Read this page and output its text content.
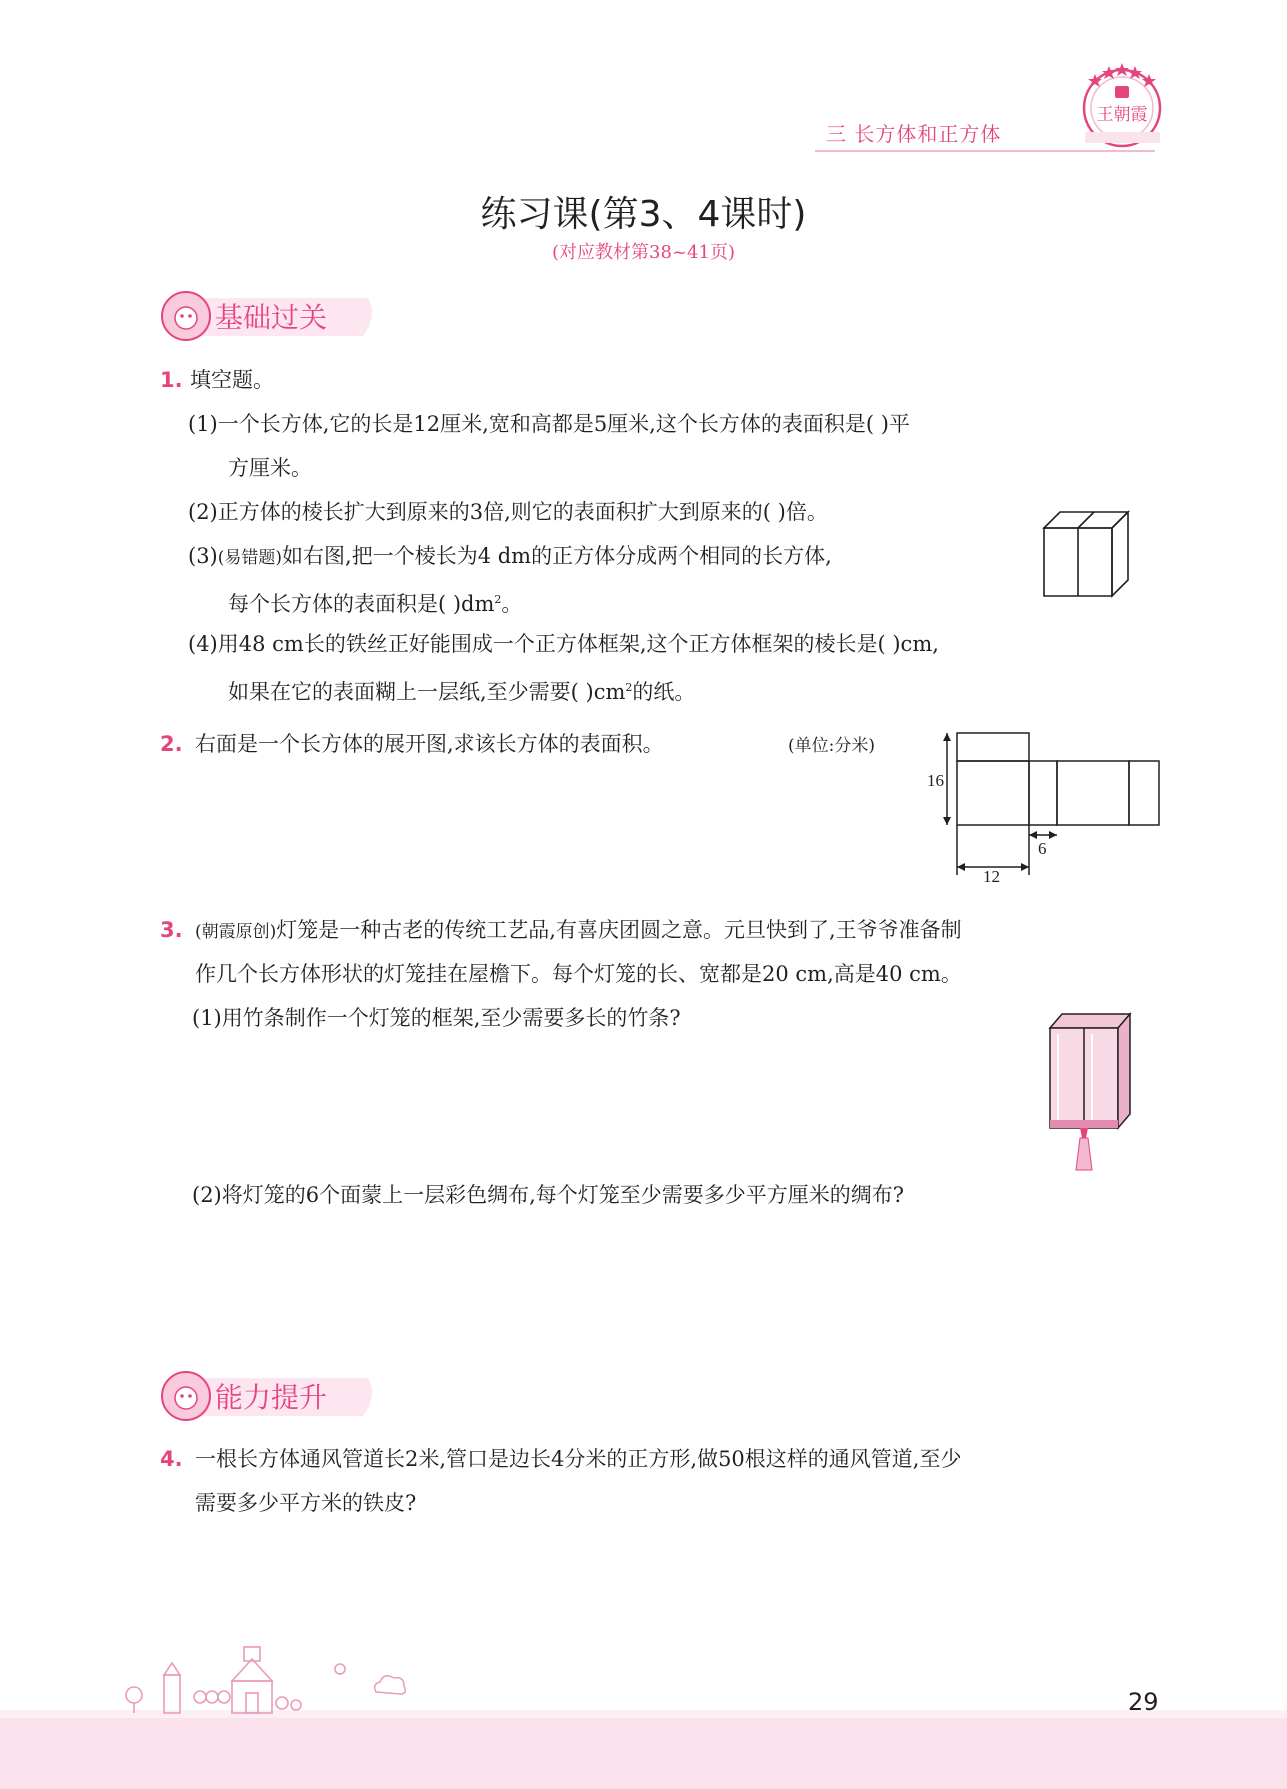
三 长方体和正方体
王朝霞
练习课(第3、4课时)
(对应教材第38~41页)
基础过关
1. 填空题。
(1)一个长方体,它的长是12厘米,宽和高都是5厘米,这个长方体的表面积是( )平
方厘米。
(2)正方体的棱长扩大到原来的3倍,则它的表面积扩大到原来的( )倍。
(3)(易错题)如右图,把一个棱长为4 dm的正方体分成两个相同的长方体,
每个长方体的表面积是( )$dm^2$。
(4)用48 cm长的铁丝正好能围成一个正方体框架,这个正方体框架的棱长是( )cm,
如果在它的表面糊上一层纸,至少需要( )$cm^2$的纸。
2. 右面是一个长方体的展开图,求该长方体的表面积。	(单位:分米)
16
6
12
3. (朝霞原创)灯笼是一种古老的传统工艺品,有喜庆团圆之意。元旦快到了,王爷爷准备制
作几个长方体形状的灯笼挂在屋檐下。每个灯笼的长、宽都是20 cm,高是40 cm。
(1)用竹条制作一个灯笼的框架,至少需要多长的竹条?
(2)将灯笼的6个面蒙上一层彩色绸布,每个灯笼至少需要多少平方厘米的绸布?
能力提升
4. 一根长方体通风管道长2米,管口是边长4分米的正方形,做50根这样的通风管道,至少
需要多少平方米的铁皮?
29
